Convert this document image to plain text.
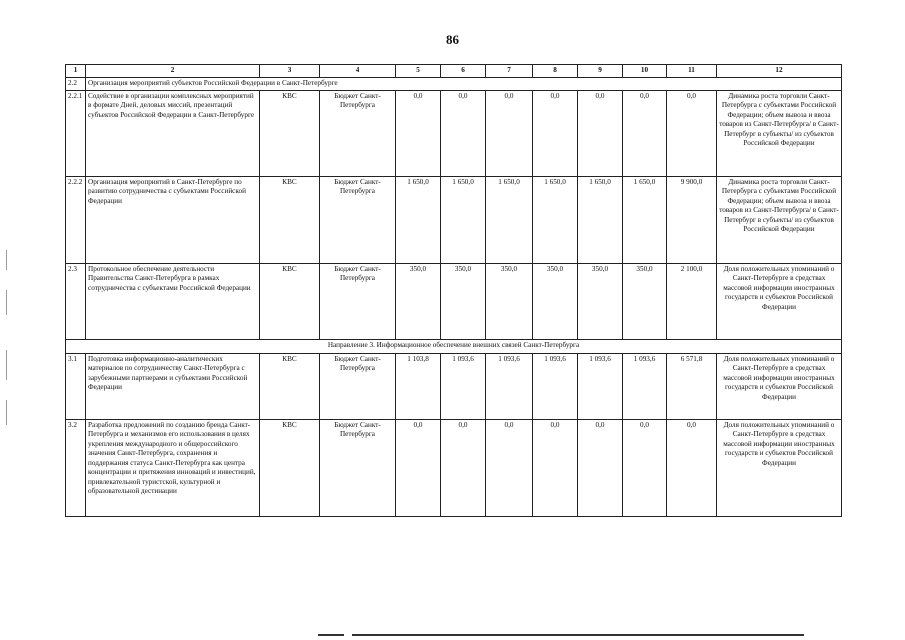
86
1	2	3	4	5	6	7	8	9	10	11	12
2.2	Организация мероприятий субъектов Российской Федерации в Санкт-Петербурге										
2.2.1	Содействие в организации комплексных мероприятий в формате Дней, деловых миссий, презентаций субъектов Российской Федерации в Санкт-Петербурге	КВС	Бюджет Санкт-Петербурга	0,0	0,0	0,0	0,0	0,0	0,0	0,0	Динамика роста торговли Санкт-Петербурга с субъектами Российской Федерации; объем вывоза и ввоза товаров из Санкт-Петербурга/ в Санкт-Петербург в субъекты/ из субъектов Российской Федерации
2.2.2	Организация мероприятий в Санкт-Петербурге по развитию сотрудничества с субъектами Российской Федерации	КВС	Бюджет Санкт-Петербурга	1 650,0	1 650,0	1 650,0	1 650,0	1 650,0	1 650,0	9 900,0	Динамика роста торговли Санкт-Петербурга с субъектами Российской Федерации; объем вывоза и ввоза товаров из Санкт-Петербурга/ в Санкт-Петербург в субъекты/ из субъектов Российской Федерации
2.3	Протокольное обеспечение деятельности Правительства Санкт-Петербурга в рамках сотрудничества с субъектами Российской Федерации	КВС	Бюджет Санкт-Петербурга	350,0	350,0	350,0	350,0	350,0	350,0	2 100,0	Доля положительных упоминаний о Санкт-Петербурге в средствах массовой информации иностранных государств и субъектов Российской Федерации
Направление 3. Информационное обеспечение внешних связей Санкт-Петербурга											
3.1	Подготовка информационно-аналитических материалов по сотрудничеству Санкт-Петербурга с зарубежными партнерами и субъектами Российской Федерации	КВС	Бюджет Санкт-Петербурга	1 103,8	1 093,6	1 093,6	1 093,6	1 093,6	1 093,6	6 571,8	Доля положительных упоминаний о Санкт-Петербурге в средствах массовой информации иностранных государств и субъектов Российской Федерации
3.2	Разработка предложений по созданию бренда Санкт-Петербурга и механизмов его использования в целях укрепления международного и общероссийского значения Санкт-Петербурга, сохранения и поддержания статуса Санкт-Петербурга как центра концентрации и притяжения инноваций и инвестиций, привлекательной туристской, культурной и образовательной дестинации	КВС	Бюджет Санкт-Петербурга	0,0	0,0	0,0	0,0	0,0	0,0	0,0	Доля положительных упоминаний о Санкт-Петербурге в средствах массовой информации иностранных государств и субъектов Российской Федерации
